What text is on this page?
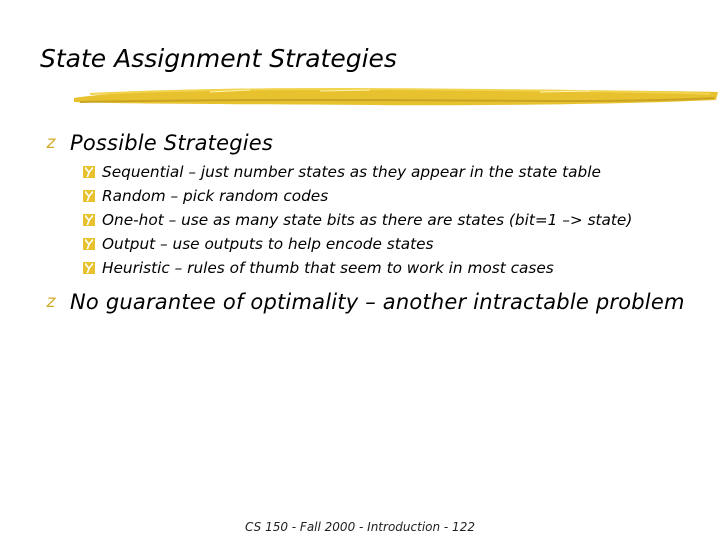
State Assignment Strategies
z Possible Strategies
Sequential – just number states as they appear in the state table
Random – pick random codes
One-hot – use as many state bits as there are states (bit=1 –> state)
Output – use outputs to help encode states
Heuristic – rules of thumb that seem to work in most cases
z No guarantee of optimality – another intractable problem
CS 150 - Fall 2000 - Introduction - 122
